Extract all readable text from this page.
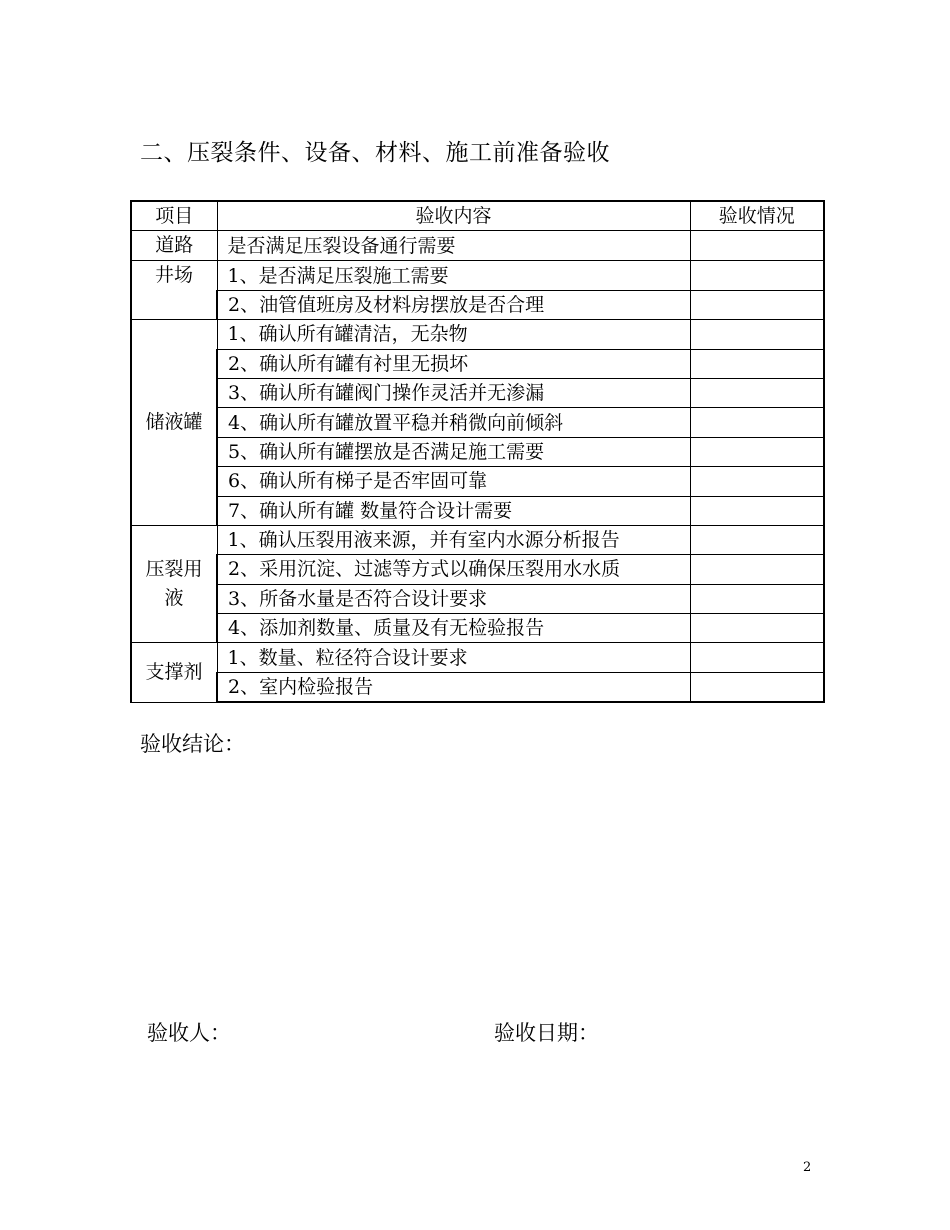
二、压裂条件、设备、材料、施工前准备验收
项目	验收内容	验收情况
道路	是否满足压裂设备通行需要	
井场	1、是否满足压裂施工需要	
	2、油管值班房及材料房摆放是否合理	
储液罐	1、确认所有罐清洁，无杂物	
	2、确认所有罐有衬里无损坏	
	3、确认所有罐阀门操作灵活并无渗漏	
	4、确认所有罐放置平稳并稍微向前倾斜	
	5、确认所有罐摆放是否满足施工需要	
	6、确认所有梯子是否牢固可靠	
	7、确认所有罐 数量符合设计需要	
压裂用液	1、确认压裂用液来源，并有室内水源分析报告	
	2、采用沉淀、过滤等方式以确保压裂用水水质	
	3、所备水量是否符合设计要求	
	4、添加剂数量、质量及有无检验报告	
支撑剂	1、数量、粒径符合设计要求	
	2、室内检验报告	
验收结论：
验收人：	验收日期：
2
